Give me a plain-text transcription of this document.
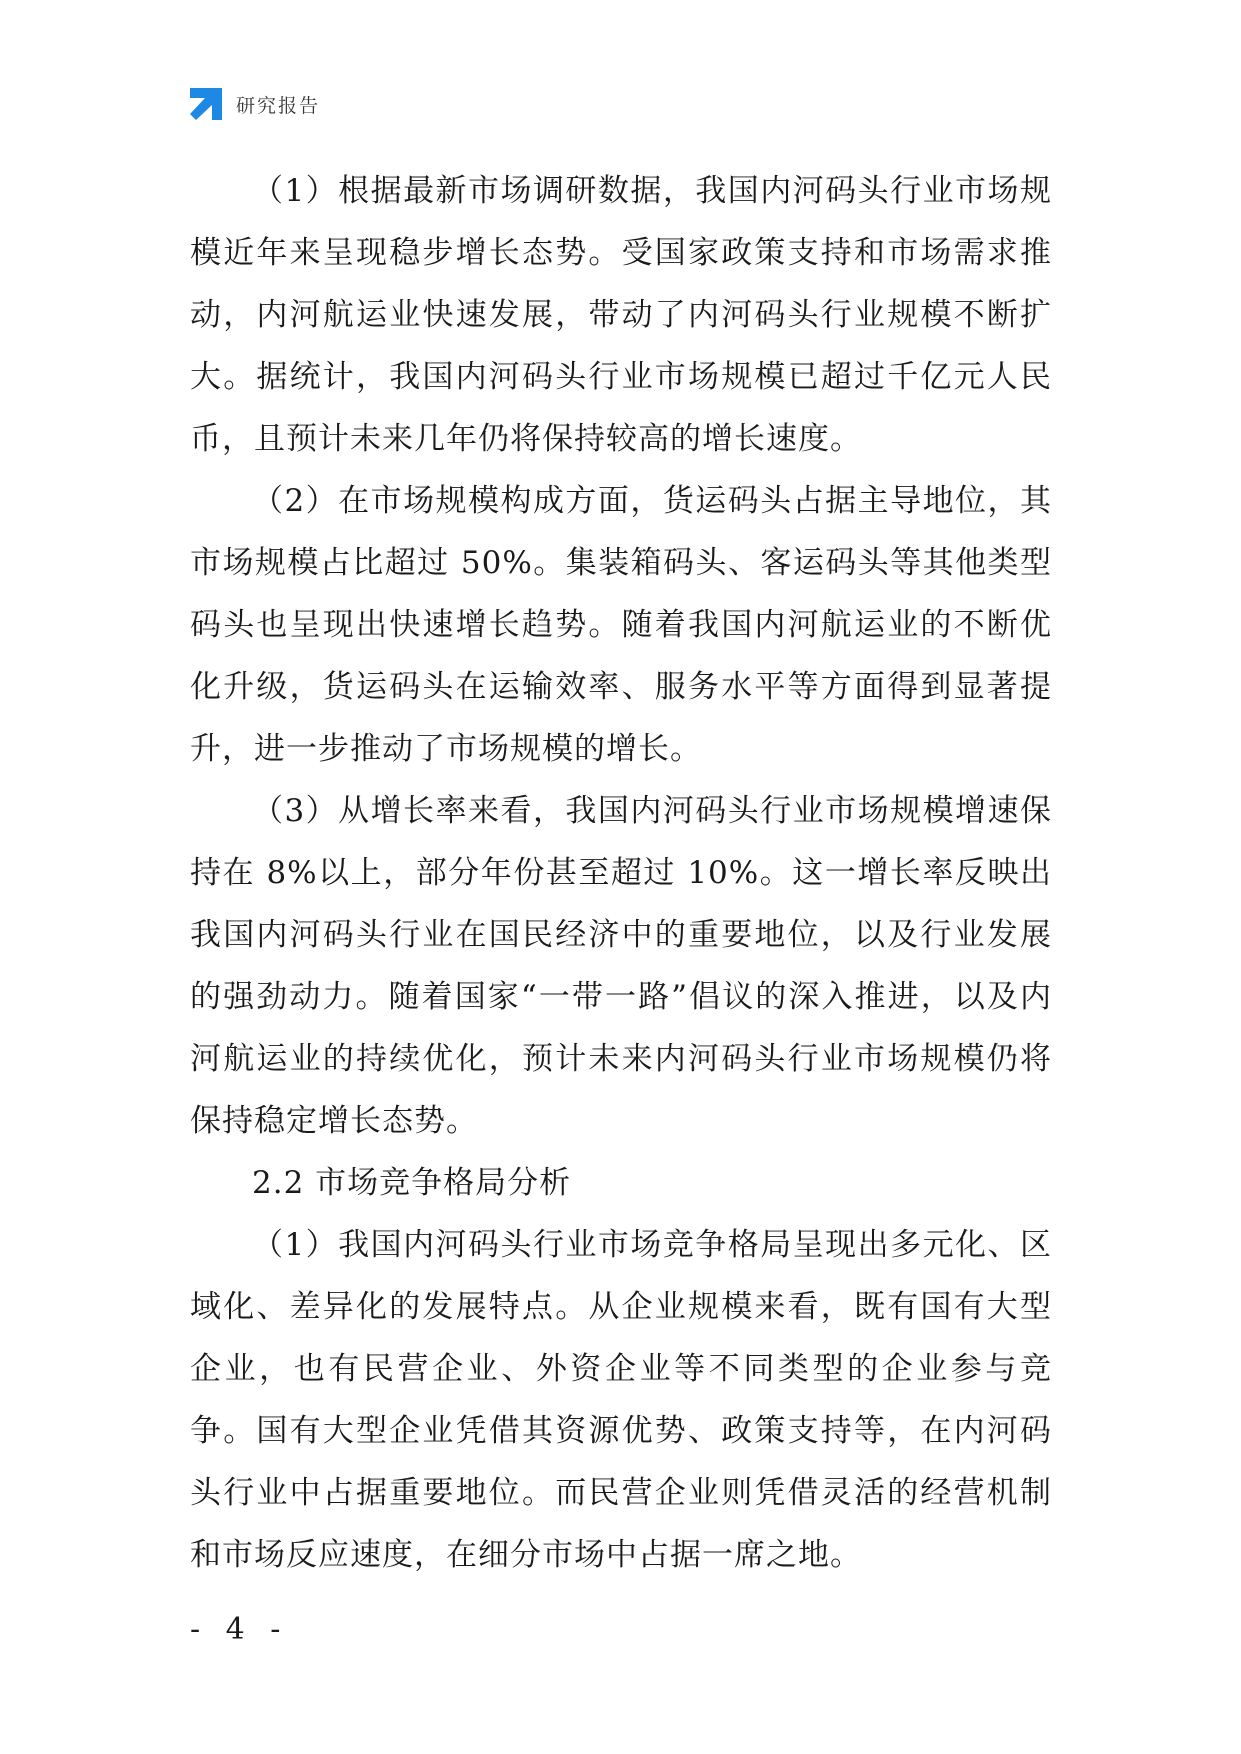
研究报告

（1）根据最新市场调研数据，我国内河码头行业市场规模近年来呈现稳步增长态势。受国家政策支持和市场需求推动，内河航运业快速发展，带动了内河码头行业规模不断扩大。据统计，我国内河码头行业市场规模已超过千亿元人民币，且预计未来几年仍将保持较高的增长速度。

（2）在市场规模构成方面，货运码头占据主导地位，其市场规模占比超过 50%。集装箱码头、客运码头等其他类型码头也呈现出快速增长趋势。随着我国内河航运业的不断优化升级，货运码头在运输效率、服务水平等方面得到显著提升，进一步推动了市场规模的增长。

（3）从增长率来看，我国内河码头行业市场规模增速保持在 8%以上，部分年份甚至超过 10%。这一增长率反映出我国内河码头行业在国民经济中的重要地位，以及行业发展的强劲动力。随着国家“一带一路”倡议的深入推进，以及内河航运业的持续优化，预计未来内河码头行业市场规模仍将保持稳定增长态势。

2.2 市场竞争格局分析

（1）我国内河码头行业市场竞争格局呈现出多元化、区域化、差异化的发展特点。从企业规模来看，既有国有大型企业，也有民营企业、外资企业等不同类型的企业参与竞争。国有大型企业凭借其资源优势、政策支持等，在内河码头行业中占据重要地位。而民营企业则凭借灵活的经营机制和市场反应速度，在细分市场中占据一席之地。

- 4 -
